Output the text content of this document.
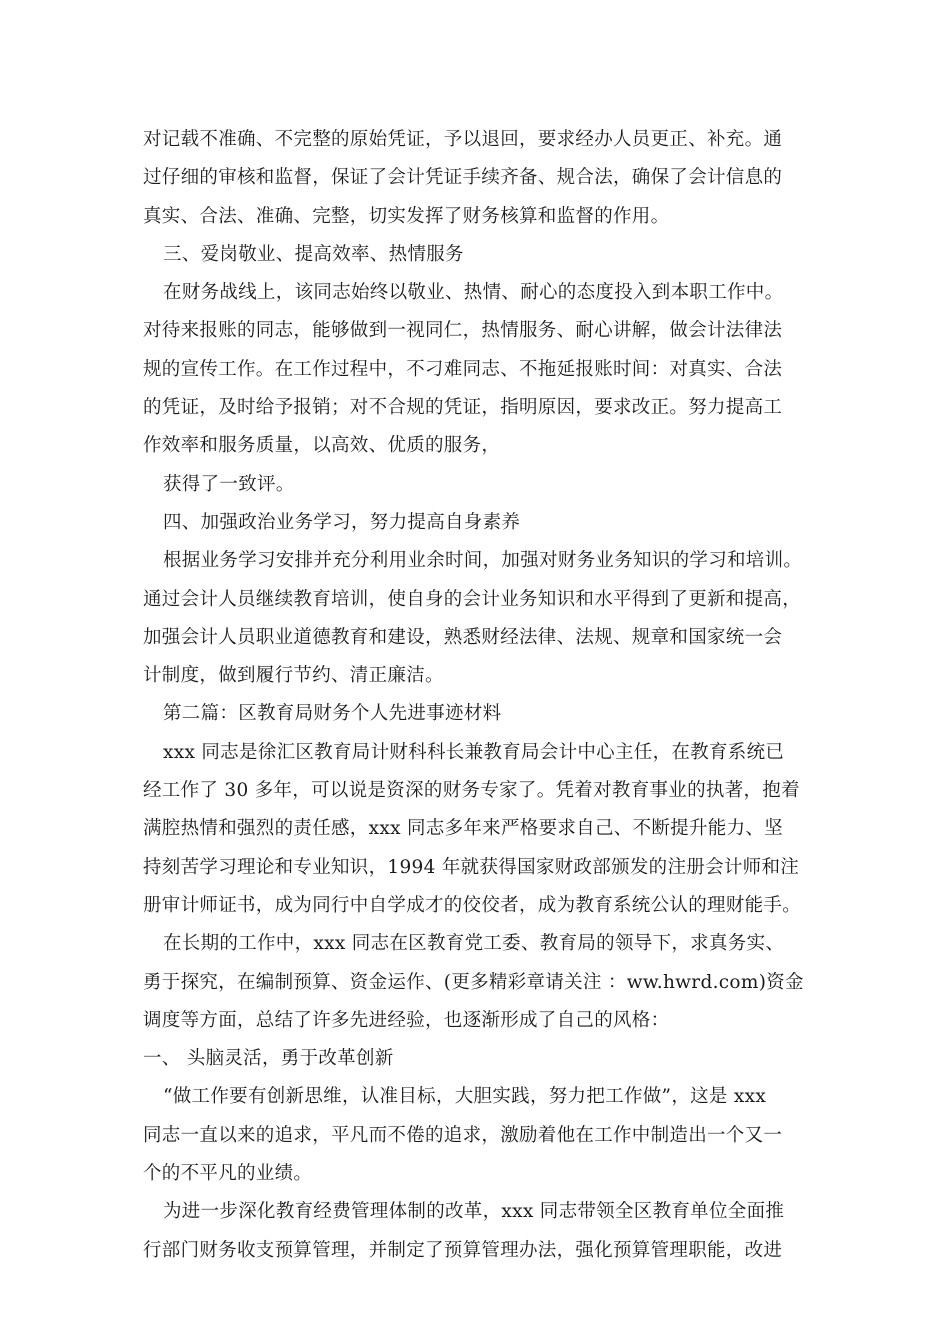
对记载不准确、不完整的原始凭证，予以退回，要求经办人员更正、补充。通
过仔细的审核和监督，保证了会计凭证手续齐备、规合法，确保了会计信息的
真实、合法、准确、完整，切实发挥了财务核算和监督的作用。
三、爱岗敬业、提高效率、热情服务
在财务战线上，该同志始终以敬业、热情、耐心的态度投入到本职工作中。
对待来报账的同志，能够做到一视同仁，热情服务、耐心讲解，做会计法律法
规的宣传工作。在工作过程中，不刁难同志、不拖延报账时间：对真实、合法
的凭证，及时给予报销；对不合规的凭证，指明原因，要求改正。努力提高工
作效率和服务质量，以高效、优质的服务，
获得了一致评。
四、加强政治业务学习，努力提高自身素养
根据业务学习安排并充分利用业余时间，加强对财务业务知识的学习和培训。
通过会计人员继续教育培训，使自身的会计业务知识和水平得到了更新和提高，
加强会计人员职业道德教育和建设，熟悉财经法律、法规、规章和国家统一会
计制度，做到履行节约、清正廉洁。
第二篇：区教育局财务个人先进事迹材料
xxx 同志是徐汇区教育局计财科科长兼教育局会计中心主任，在教育系统已
经工作了 30 多年，可以说是资深的财务专家了。凭着对教育事业的执著，抱着
满腔热情和强烈的责任感，xxx 同志多年来严格要求自己、不断提升能力、坚
持刻苦学习理论和专业知识，1994 年就获得国家财政部颁发的注册会计师和注
册审计师证书，成为同行中自学成才的佼佼者，成为教育系统公认的理财能手。
在长期的工作中，xxx 同志在区教育党工委、教育局的领导下，求真务实、
勇于探究，在编制预算、资金运作、(更多精彩章请关注 ：ww.hwrd.com)资金
调度等方面，总结了许多先进经验，也逐渐形成了自己的风格：
一、 头脑灵活，勇于改革创新
“做工作要有创新思维，认准目标，大胆实践，努力把工作做”，这是 xxx
同志一直以来的追求，平凡而不倦的追求，激励着他在工作中制造出一个又一
个的不平凡的业绩。
为进一步深化教育经费管理体制的改革，xxx 同志带领全区教育单位全面推
行部门财务收支预算管理，并制定了预算管理办法，强化预算管理职能，改进
